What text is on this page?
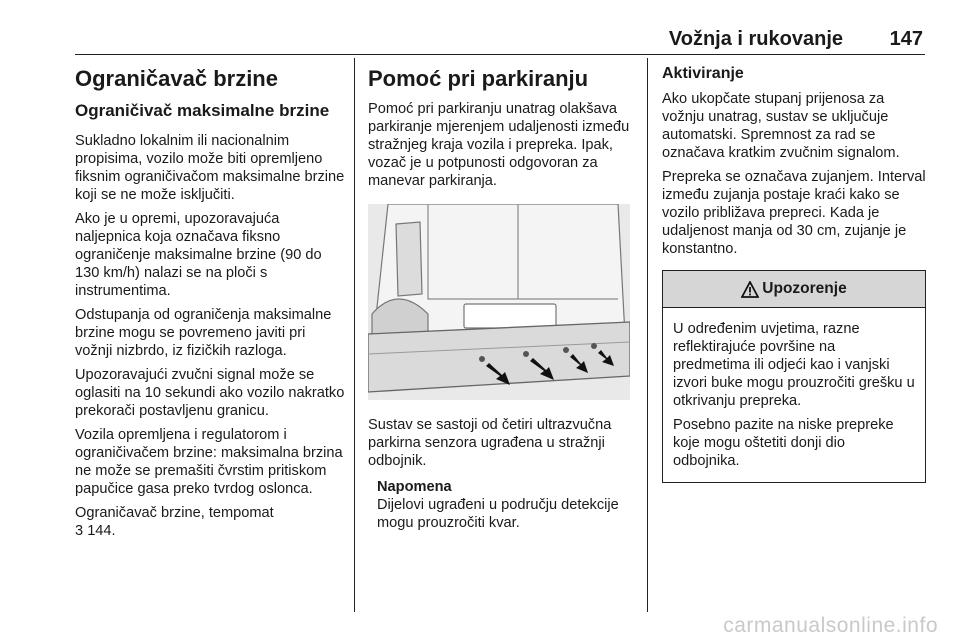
Vožnja i rukovanje 147
Ograničavač brzine
Ograničivač maksimalne brzine

Sukladno lokalnim ili nacionalnim propisima, vozilo može biti opremljeno fiksnim ograničivačom maksimalne brzine koji se ne može isključiti.

Ako je u opremi, upozoravajuća naljepnica koja označava fiksno ograničenje maksimalne brzine (90 do 130 km/h) nalazi se na ploči s instrumentima.

Odstupanja od ograničenja maksimalne brzine mogu se povremeno javiti pri vožnji nizbrdo, iz fizičkih razloga.

Upozoravajući zvučni signal može se oglasiti na 10 sekundi ako vozilo nakratko prekorači postavljenu granicu.

Vozila opremljena i regulatorom i ograničivačem brzine: maksimalna brzina ne može se premašiti čvrstim pritiskom papučice gasa preko tvrdog oslonca.

Ograničavač brzine, tempomat
3 144.

Pomoć pri parkiranju

Pomoć pri parkiranju unatrag olakšava parkiranje mjerenjem udaljenosti između stražnjeg kraja vozila i prepreka. Ipak, vozač je u potpunosti odgovoran za manevar parkiranja.

Sustav se sastoji od četiri ultrazvučna parkirna senzora ugrađena u stražnji odbojnik.

Napomena

Dijelovi ugrađeni u području detekcije mogu prouzročiti kvar.

Aktiviranje

Ako ukopčate stupanj prijenosa za vožnju unatrag, sustav se uključuje automatski. Spremnost za rad se označava kratkim zvučnim signalom.

Prepreka se označava zujanjem. Interval između zujanja postaje kraći kako se vozilo približava prepreci. Kada je udaljenost manja od 30 cm, zujanje je konstantno.

Upozorenje

U određenim uvjetima, razne reflektirajuće površine na predmetima ili odjeći kao i vanjski izvori buke mogu prouzročiti grešku u otkrivanju prepreka.

Posebno pazite na niske prepreke koje mogu oštetiti donji dio odbojnika.

carmanualsonline.info
